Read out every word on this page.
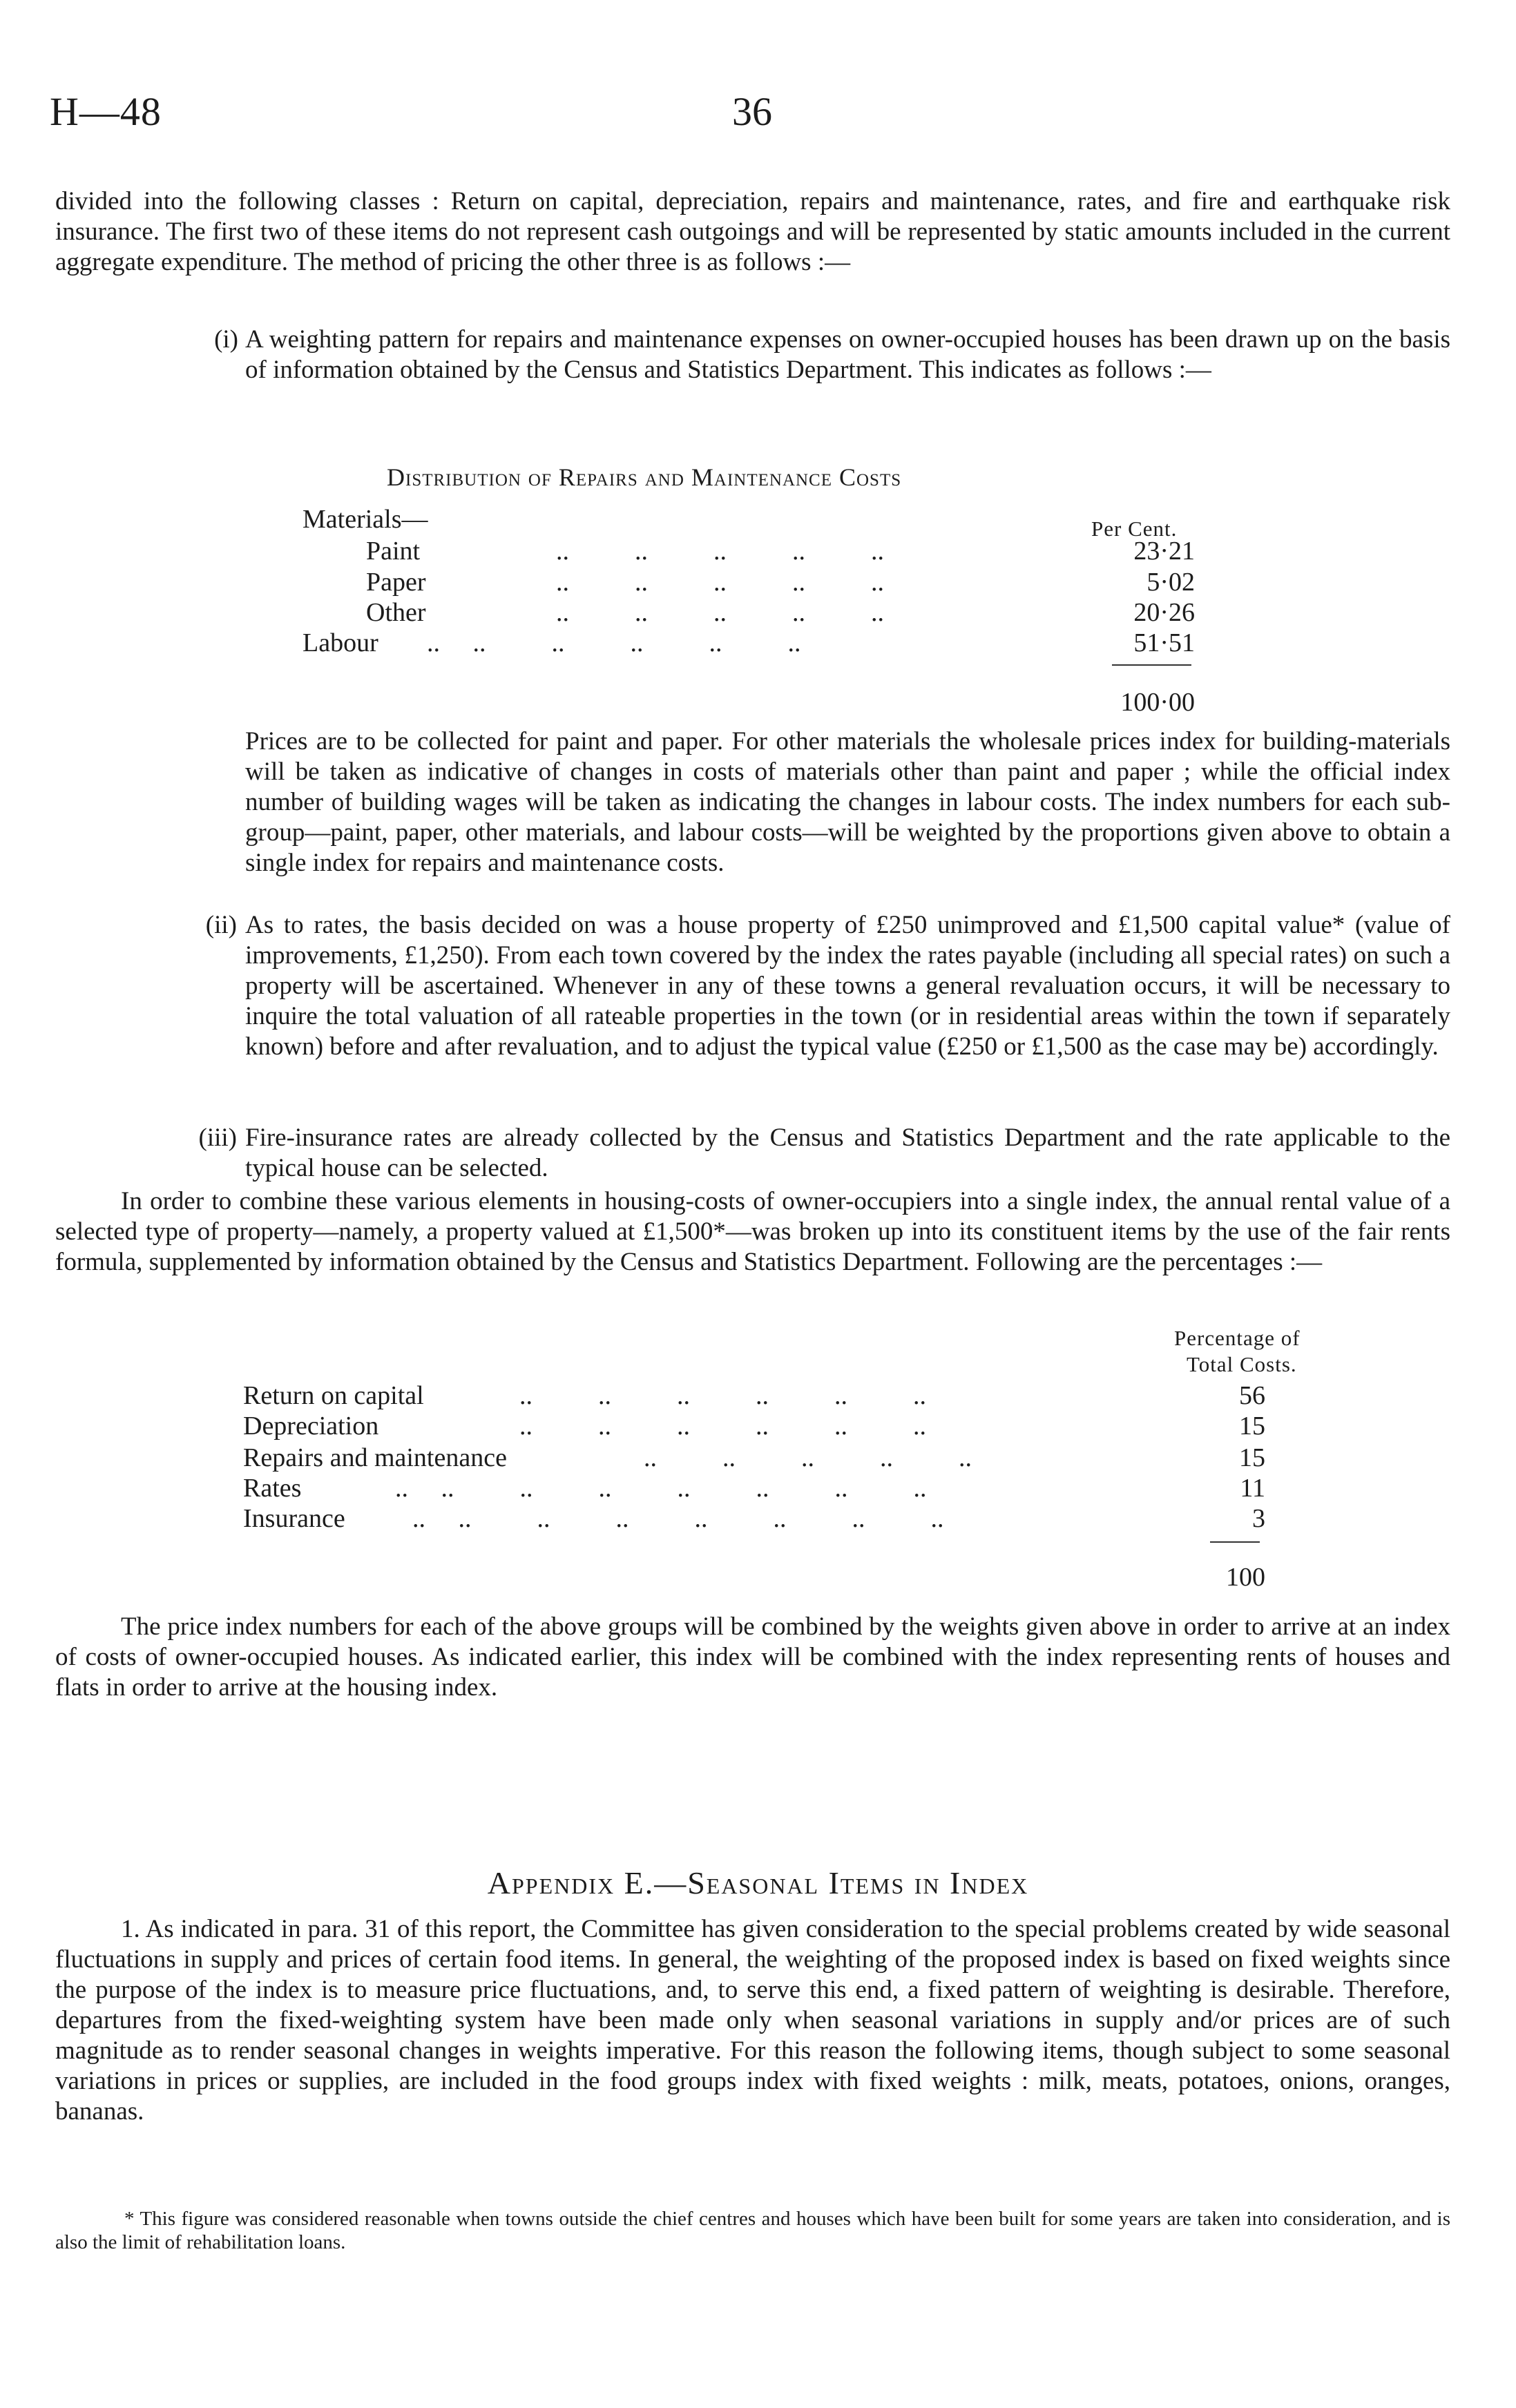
H—48	36
divided into the following classes : Return on capital, depreciation, repairs and maintenance, rates, and fire and earthquake risk insurance. The first two of these items do not represent cash outgoings and will be represented by static amounts included in the current aggregate expenditure. The method of pricing the other three is as follows :—
(i) A weighting pattern for repairs and maintenance expenses on owner-occupied houses has been drawn up on the basis of information obtained by the Census and Statistics Department. This indicates as follows :—
Distribution of Repairs and Maintenance Costs
Materials—	Per Cent.
Paint	..          ..          ..          ..          ..	23·21
Paper	..          ..          ..          ..          ..	5·02
Other	..          ..          ..          ..          ..	20·26
Labour ..     ..          ..          ..          ..          ..	51·51
100·00
Prices are to be collected for paint and paper. For other materials the wholesale prices index for building-materials will be taken as indicative of changes in costs of materials other than paint and paper ; while the official index number of building wages will be taken as indicating the changes in labour costs. The index numbers for each sub-group—paint, paper, other materials, and labour costs—will be weighted by the proportions given above to obtain a single index for repairs and maintenance costs.
(ii) As to rates, the basis decided on was a house property of £250 unimproved and £1,500 capital value* (value of improvements, £1,250). From each town covered by the index the rates payable (including all special rates) on such a property will be ascertained. Whenever in any of these towns a general revaluation occurs, it will be necessary to inquire the total valuation of all rateable properties in the town (or in residential areas within the town if separately known) before and after revaluation, and to adjust the typical value (£250 or £1,500 as the case may be) accordingly.
(iii) Fire-insurance rates are already collected by the Census and Statistics Department and the rate applicable to the typical house can be selected.
In order to combine these various elements in housing-costs of owner-occupiers into a single index, the annual rental value of a selected type of property—namely, a property valued at £1,500*—was broken up into its constituent items by the use of the fair rents formula, supplemented by information obtained by the Census and Statistics Department. Following are the percentages :—
Percentage of
Total Costs.
Return on capital	..          ..          ..          ..          ..          ..	56
Depreciation	..          ..          ..          ..          ..          ..	15
Repairs and maintenance	..          ..          ..          ..          ..	15
Rates	..     ..          ..          ..          ..          ..          ..          ..	11
Insurance	..     ..          ..          ..          ..          ..          ..          ..	3
100
The price index numbers for each of the above groups will be combined by the weights given above in order to arrive at an index of costs of owner-occupied houses. As indicated earlier, this index will be combined with the index representing rents of houses and flats in order to arrive at the housing index.
Appendix E.—Seasonal Items in Index
1. As indicated in para. 31 of this report, the Committee has given consideration to the special problems created by wide seasonal fluctuations in supply and prices of certain food items. In general, the weighting of the proposed index is based on fixed weights since the purpose of the index is to measure price fluctuations, and, to serve this end, a fixed pattern of weighting is desirable. Therefore, departures from the fixed-weighting system have been made only when seasonal variations in supply and/or prices are of such magnitude as to render seasonal changes in weights imperative. For this reason the following items, though subject to some seasonal variations in prices or supplies, are included in the food groups index with fixed weights : milk, meats, potatoes, onions, oranges, bananas.
* This figure was considered reasonable when towns outside the chief centres and houses which have been built for some years are taken into consideration, and is also the limit of rehabilitation loans.
